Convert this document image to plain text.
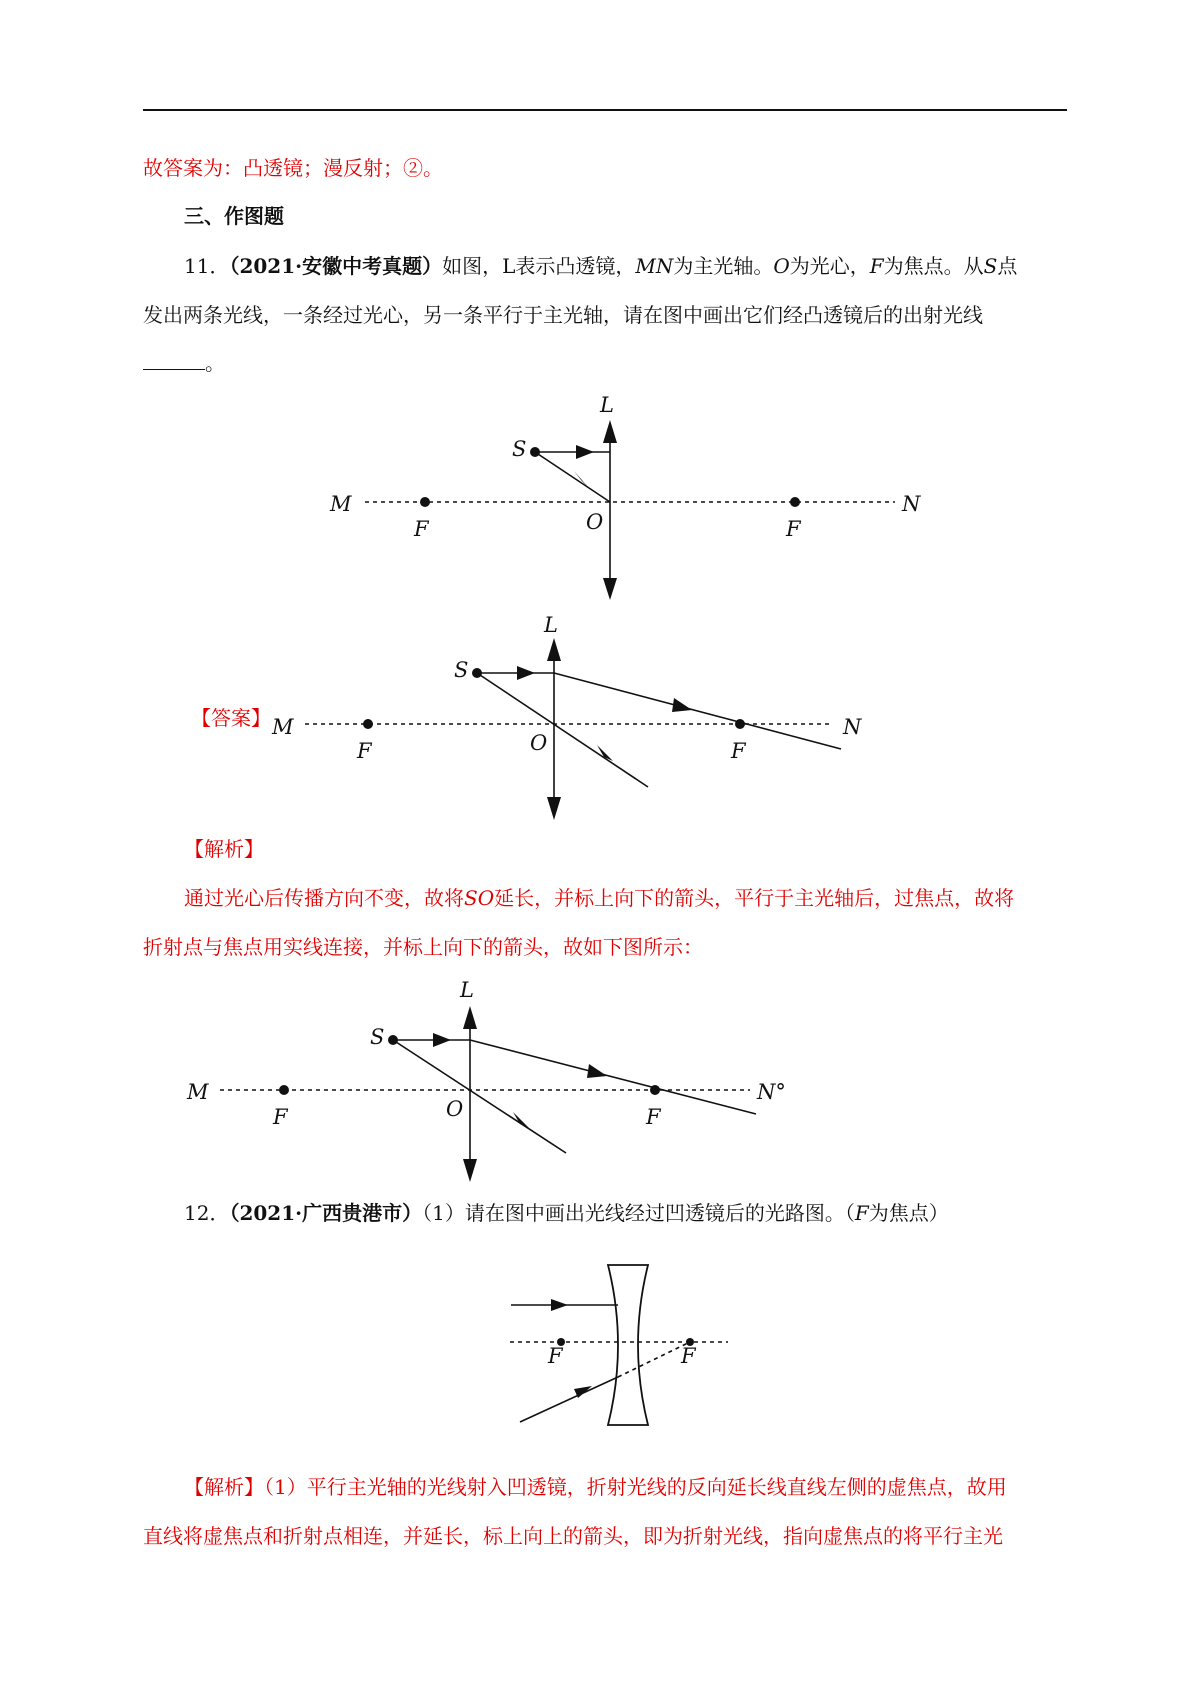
故答案为：凸透镜；漫反射；②。
三、作图题
11．（2021·安徽中考真题）如图，L表示凸透镜，MN为主光轴。O为光心，F为焦点。从S点
发出两条光线，一条经过光心，另一条平行于主光轴，请在图中画出它们经凸透镜后的出射光线
。
L
S
M	N
O
F	F
【答案】
L
S
M	N
O
F	F
【解析】
通过光心后传播方向不变，故将SO延长，并标上向下的箭头，平行于主光轴后，过焦点，故将
折射点与焦点用实线连接，并标上向下的箭头，故如下图所示：
L
S
M	N°
O
F	F
12．（2021·广西贵港市）（1）请在图中画出光线经过凹透镜后的光路图。（F为焦点）
F	F
【解析】（1）平行主光轴的光线射入凹透镜，折射光线的反向延长线直线左侧的虚焦点，故用
直线将虚焦点和折射点相连，并延长，标上向上的箭头，即为折射光线，指向虚焦点的将平行主光
